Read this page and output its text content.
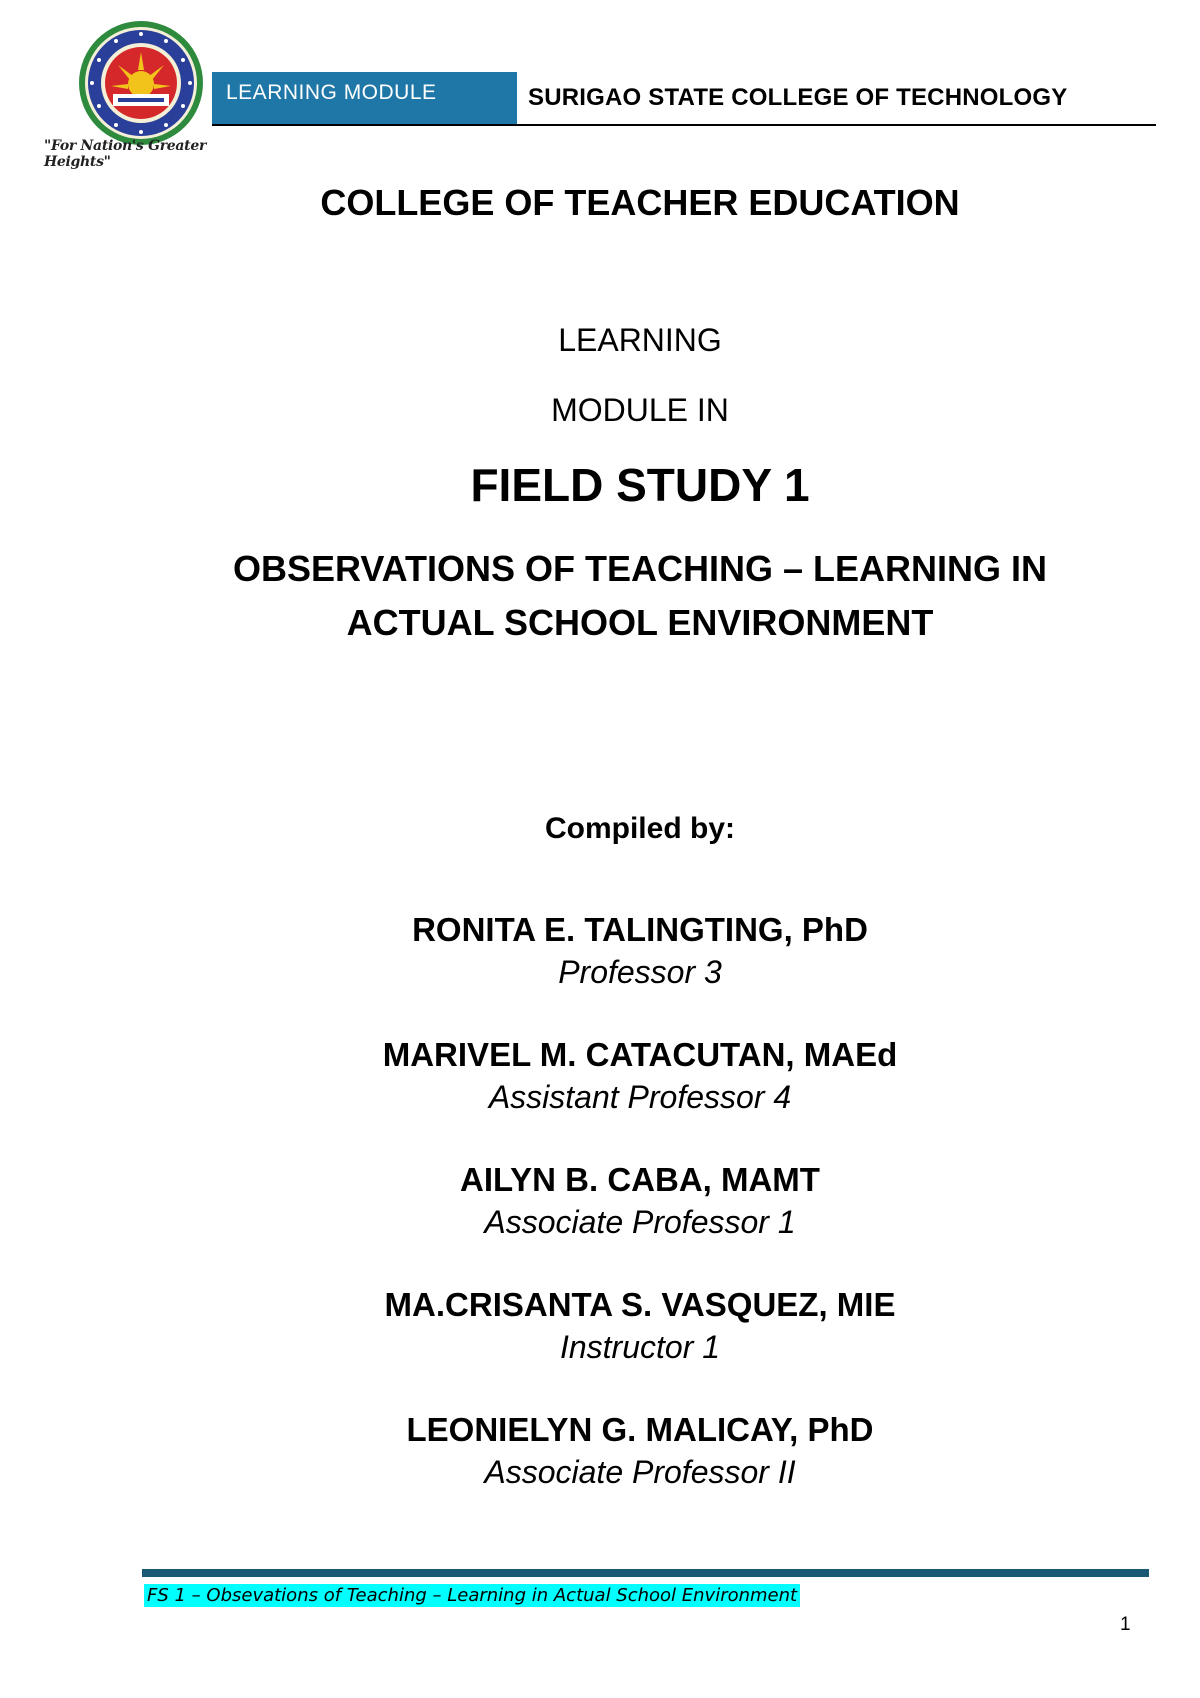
"For Nation's Greater Heights"
LEARNING MODULE	SURIGAO STATE COLLEGE OF TECHNOLOGY
COLLEGE OF TEACHER EDUCATION
LEARNING
MODULE IN
FIELD STUDY 1
OBSERVATIONS OF TEACHING – LEARNING IN
ACTUAL SCHOOL ENVIRONMENT
Compiled by:
RONITA E. TALINGTING, PhD
Professor 3
MARIVEL M. CATACUTAN, MAEd
Assistant Professor 4
AILYN B. CABA, MAMT
Associate Professor 1
MA.CRISANTA S. VASQUEZ, MIE
Instructor 1
LEONIELYN G. MALICAY, PhD
Associate Professor II
FS 1 – Obsevations of Teaching – Learning in Actual School Environment
1
